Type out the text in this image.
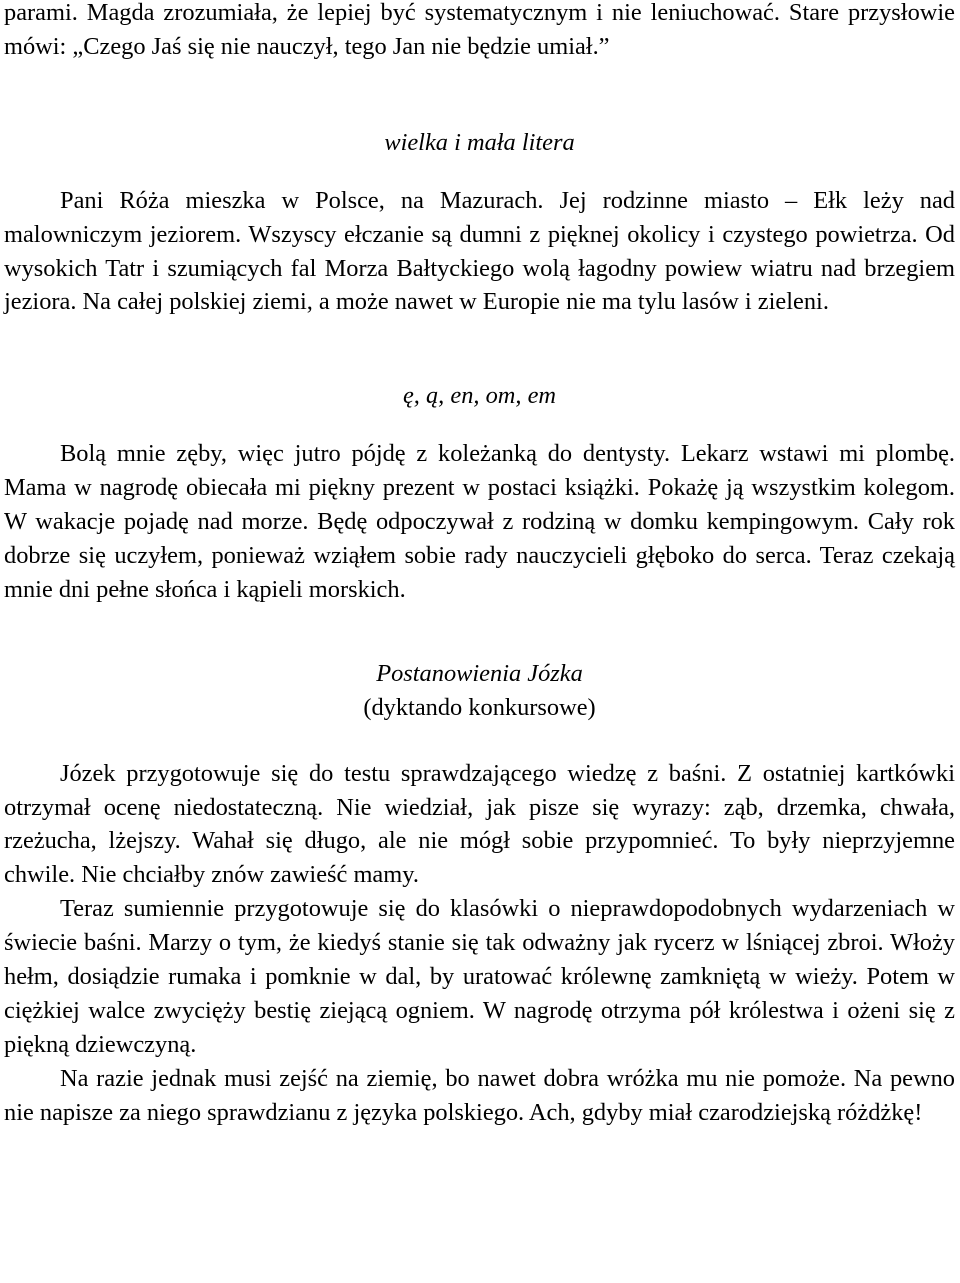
parami. Magda zrozumiała, że lepiej być systematycznym i nie leniuchować. Stare przysłowie mówi: „Czego Jaś się nie nauczył, tego Jan nie będzie umiał.”

wielka i mała litera

Pani Róża mieszka w Polsce, na Mazurach. Jej rodzinne miasto – Ełk leży nad malowniczym jeziorem. Wszyscy ełczanie są dumni z pięknej okolicy i czystego powietrza. Od wysokich Tatr i szumiących fal Morza Bałtyckiego wolą łagodny powiew wiatru nad brzegiem jeziora. Na całej polskiej ziemi, a może nawet w Europie nie ma tylu lasów i zieleni.

ę, ą, en, om, em

Bolą mnie zęby, więc jutro pójdę z koleżanką do dentysty. Lekarz wstawi mi plombę. Mama w nagrodę obiecała mi piękny prezent w postaci książki. Pokażę ją wszystkim kolegom. W wakacje pojadę nad morze. Będę odpoczywał z rodziną w domku kempingowym. Cały rok dobrze się uczyłem, ponieważ wziąłem sobie rady nauczycieli głęboko do serca. Teraz czekają mnie dni pełne słońca i kąpieli morskich.

Postanowienia Józka

(dyktando konkursowe)

Józek przygotowuje się do testu sprawdzającego wiedzę z baśni. Z ostatniej kartkówki otrzymał ocenę niedostateczną. Nie wiedział, jak pisze się wyrazy: ząb, drzemka, chwała, rzeżucha, lżejszy. Wahał się długo, ale nie mógł sobie przypomnieć. To były nieprzyjemne chwile. Nie chciałby znów zawieść mamy.

Teraz sumiennie przygotowuje się do klasówki o nieprawdopodobnych wydarzeniach w świecie baśni. Marzy o tym, że kiedyś stanie się tak odważny jak rycerz w lśniącej zbroi. Włoży hełm, dosiądzie rumaka i pomknie w dal, by uratować królewnę zamkniętą w wieży. Potem w ciężkiej walce zwycięży bestię ziejącą ogniem. W nagrodę otrzyma pół królestwa i ożeni się z piękną dziewczyną.

Na razie jednak musi zejść na ziemię, bo nawet dobra wróżka mu nie pomoże. Na pewno nie napisze za niego sprawdzianu z języka polskiego. Ach, gdyby miał czarodziejską różdżkę!
